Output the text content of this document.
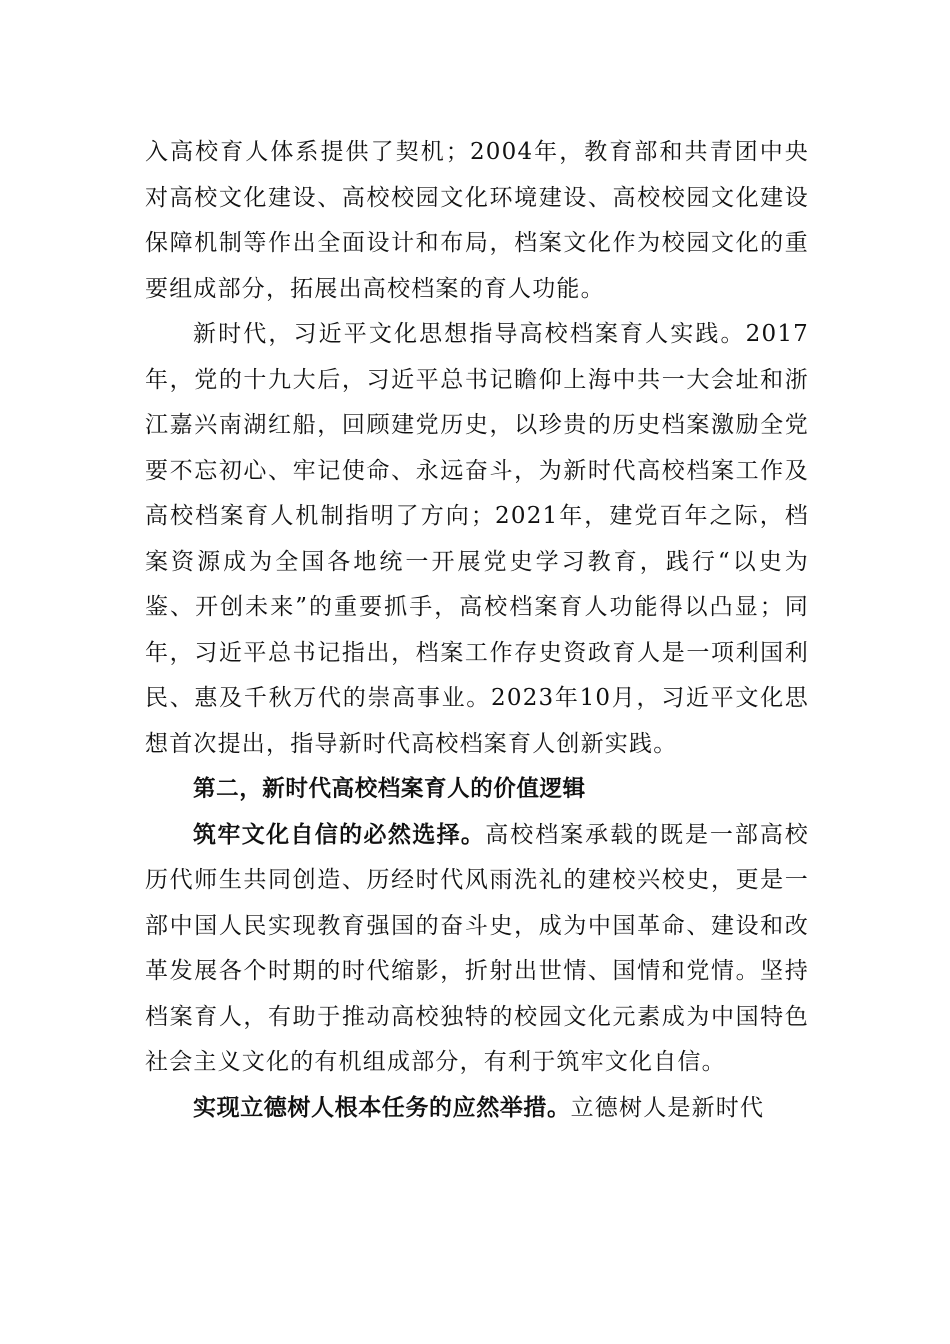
入高校育人体系提供了契机；2004年，教育部和共青团中央对高校文化建设、高校校园文化环境建设、高校校园文化建设保障机制等作出全面设计和布局，档案文化作为校园文化的重要组成部分，拓展出高校档案的育人功能。

新时代，习近平文化思想指导高校档案育人实践。2017年，党的十九大后，习近平总书记瞻仰上海中共一大会址和浙江嘉兴南湖红船，回顾建党历史，以珍贵的历史档案激励全党要不忘初心、牢记使命、永远奋斗，为新时代高校档案工作及高校档案育人机制指明了方向；2021年，建党百年之际，档案资源成为全国各地统一开展党史学习教育，践行“以史为鉴、开创未来”的重要抓手，高校档案育人功能得以凸显；同年，习近平总书记指出，档案工作存史资政育人是一项利国利民、惠及千秋万代的崇高事业。2023年10月，习近平文化思想首次提出，指导新时代高校档案育人创新实践。

第二，新时代高校档案育人的价值逻辑

筑牢文化自信的必然选择。高校档案承载的既是一部高校历代师生共同创造、历经时代风雨洗礼的建校兴校史，更是一部中国人民实现教育强国的奋斗史，成为中国革命、建设和改革发展各个时期的时代缩影，折射出世情、国情和党情。坚持档案育人，有助于推动高校独特的校园文化元素成为中国特色社会主义文化的有机组成部分，有利于筑牢文化自信。

实现立德树人根本任务的应然举措。立德树人是新时代
